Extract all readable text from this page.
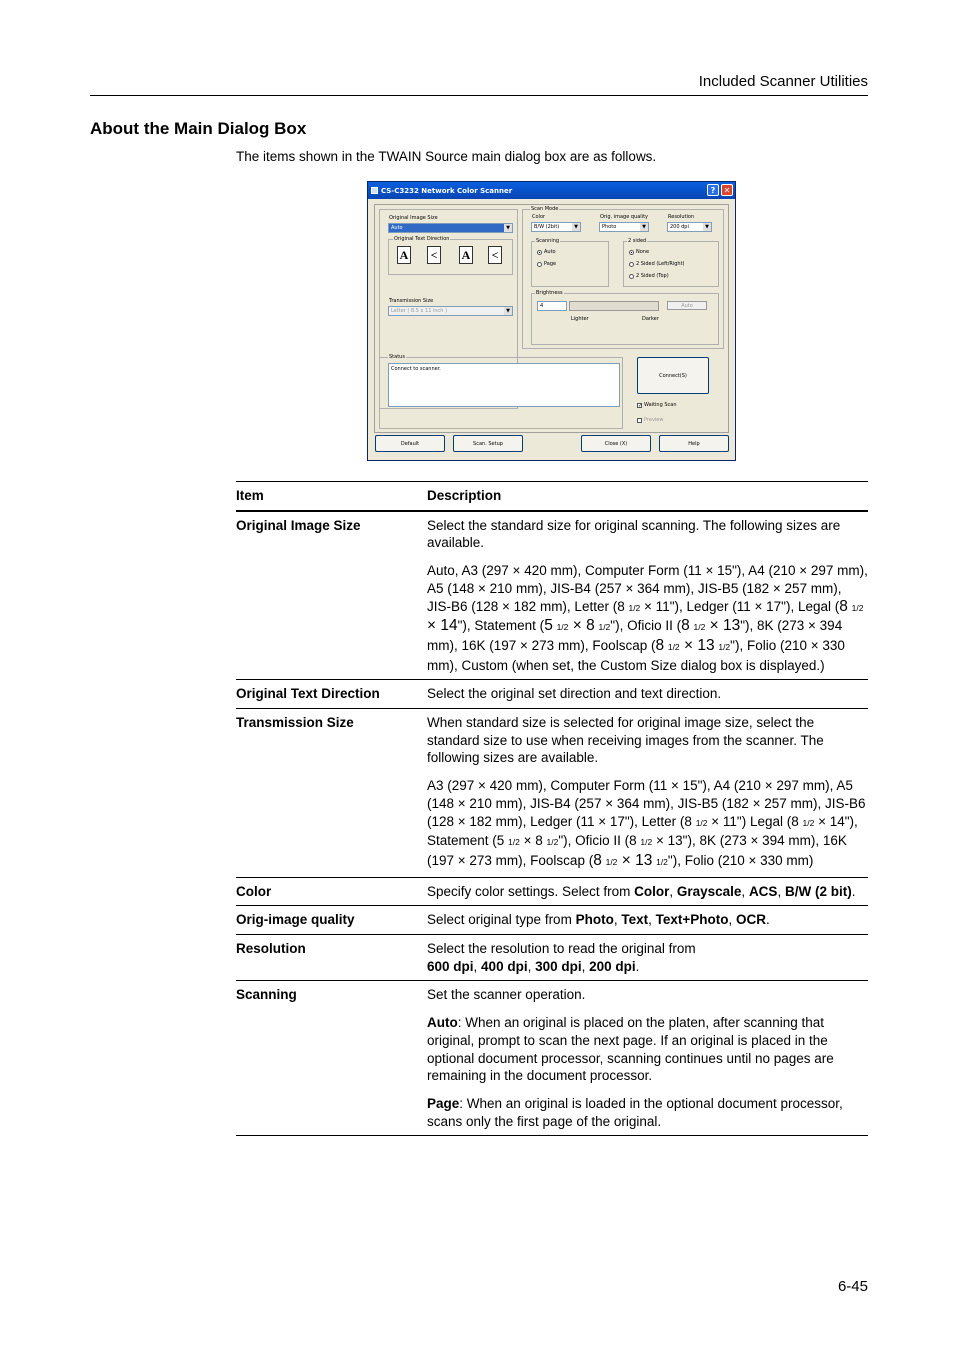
Included Scanner Utilities
About the Main Dialog Box
The items shown in the TWAIN Source main dialog box are as follows.
CS-C3232 Network Color Scanner	?	✕
Original Image Size
Auto	▼
Original Text Direction
A < A <
Transmission Size
Letter ( 8.5 x 11 inch )	▼
Scan Mode
Color
B/W (2bit)	▼
Orig. image quality
Photo	▼
Resolution
200 dpi	▼
Scanning
Auto
Page
2 sided
None
2 Sided (Left/Right)
2 Sided (Top)
Brightness
4	Auto
Lighter	Darker
Status
Connect to scanner.
Connect(S)
✓ Waiting Scan
Preview
Default	Scan. Setup	Close (X)	Help
Item	Description
Original Image Size	Select the standard size for original scanning. The following sizes are available.

Auto, A3 (297 × 420 mm), Computer Form (11 × 15"), A4 (210 × 297 mm), A5 (148 × 210 mm), JIS-B4 (257 × 364 mm), JIS-B5 (182 × 257 mm), JIS-B6 (128 × 182 mm), Letter (8 1/2 × 11"), Ledger (11 × 17"), Legal (8 1/2 × 14"), Statement (5 1/2 × 8 1/2"), Oficio II (8 1/2 × 13"), 8K (273 × 394 mm), 16K (197 × 273 mm), Foolscap (8 1/2 × 13 1/2"), Folio (210 × 330 mm), Custom (when set, the Custom Size dialog box is displayed.)

Original Text Direction	Select the original set direction and text direction.
Transmission Size	When standard size is selected for original image size, select the standard size to use when receiving images from the scanner. The following sizes are available.

A3 (297 × 420 mm), Computer Form (11 × 15"), A4 (210 × 297 mm), A5 (148 × 210 mm), JIS-B4 (257 × 364 mm), JIS-B5 (182 × 257 mm), JIS-B6 (128 × 182 mm), Ledger (11 × 17"), Letter (8 1/2 × 11") Legal (8 1/2 × 14"), Statement (5 1/2 × 8 1/2"), Oficio II (8 1/2 × 13"), 8K (273 × 394 mm), 16K (197 × 273 mm), Foolscap (8 1/2 × 13 1/2"), Folio (210 × 330 mm)

Color	Specify color settings. Select from Color, Grayscale, ACS, B/W (2 bit).
Orig-image quality	Select original type from Photo, Text, Text+Photo, OCR.
Resolution	Select the resolution to read the original from
600 dpi, 400 dpi, 300 dpi, 200 dpi.
Scanning	Set the scanner operation.

Auto: When an original is placed on the platen, after scanning that original, prompt to scan the next page. If an original is placed in the optional document processor, scanning continues until no pages are remaining in the document processor.

Page: When an original is loaded in the optional document processor, scans only the first page of the original.

6-45
